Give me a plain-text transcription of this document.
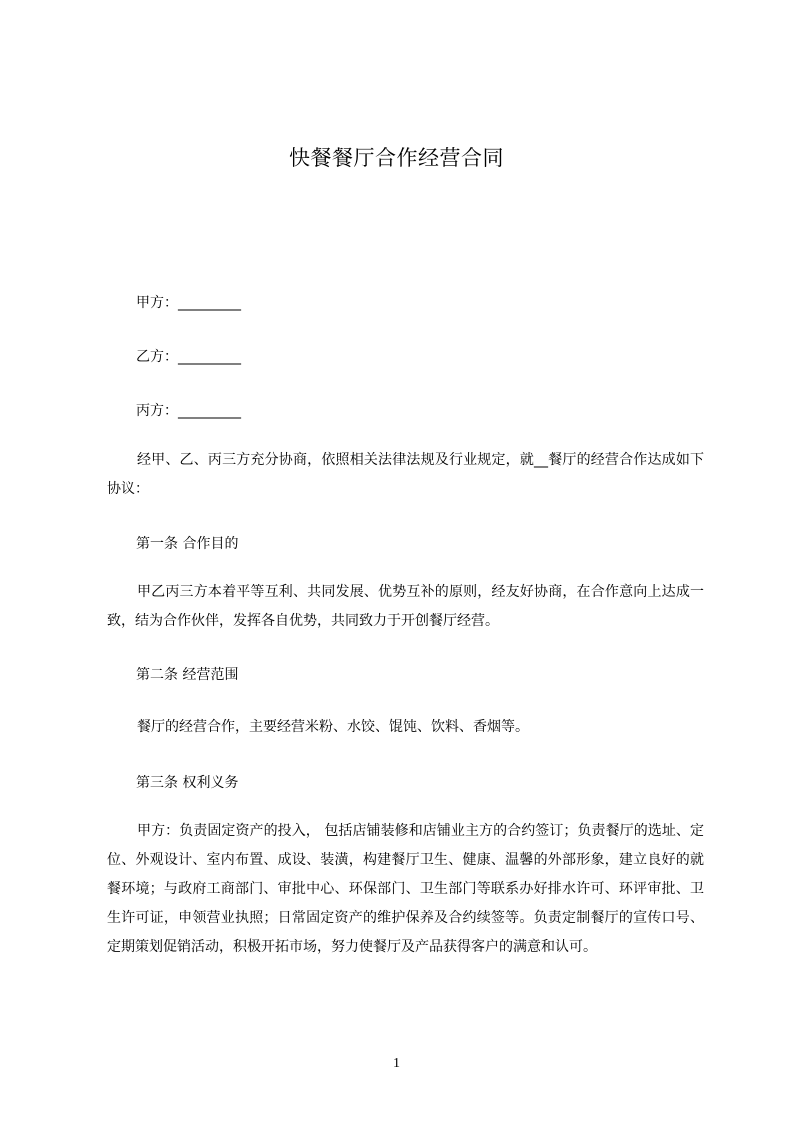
快餐餐厅合作经营合同
甲方：_________
乙方：_________
丙方：_________
经甲、乙、丙三方充分协商，依照相关法律法规及行业规定，就__餐厅的经营合作达成如下协议：
第一条 合作目的
甲乙丙三方本着平等互利、共同发展、优势互补的原则，经友好协商，在合作意向上达成一致，结为合作伙伴，发挥各自优势，共同致力于开创餐厅经营。
第二条 经营范围
餐厅的经营合作，主要经营米粉、水饺、馄饨、饮料、香烟等。
第三条 权利义务
甲方：负责固定资产的投入， 包括店铺装修和店铺业主方的合约签订；负责餐厅的选址、定位、外观设计、室内布置、成设、装潢，构建餐厅卫生、健康、温馨的外部形象，建立良好的就餐环境；与政府工商部门、审批中心、环保部门、卫生部门等联系办好排水许可、环评审批、卫生许可证，申领营业执照；日常固定资产的维护保养及合约续签等。负责定制餐厅的宣传口号、定期策划促销活动，积极开拓市场，努力使餐厅及产品获得客户的满意和认可。
1
